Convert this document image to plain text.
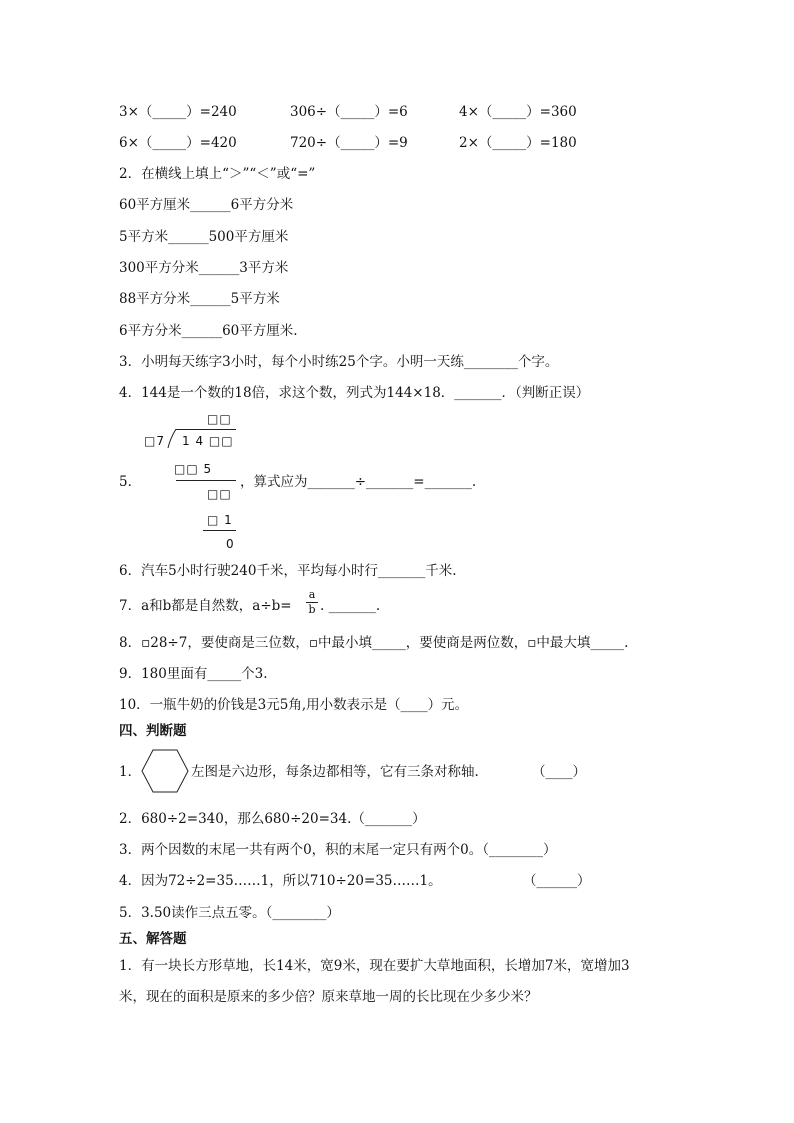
3×（_____）=240	306÷（_____）=6	4×（_____）=360
6×（_____）=420	720÷（_____）=9	2×（_____）=180
2．在横线上填上“＞”“＜”或“=”
60平方厘米______6平方分米
5平方米______500平方厘米
300平方分米______3平方米
88平方分米______5平方米
6平方分米______60平方厘米.
3．小明每天练字3小时，每个小时练25个字。小明一天练________个字。
4．144是一个数的18倍，求这个数，列式为144×18．_______．（判断正误）
□□
□7 1 4 □□
5．
□□ 5
，算式应为_______÷_______=_______.
□□
□ 1
0
6．汽车5小时行驶240千米，平均每小时行_______千米.
7．a和b都是自然数，a÷b=
a
b . _______.
8．▫28÷7，要使商是三位数，▫中最小填_____，要使商是两位数，▫中最大填_____.
9．180里面有_____个3.
10．一瓶牛奶的价钱是3元5角,用小数表示是（____）元。
四、判断题
1．	左图是六边形，每条边都相等，它有三条对称轴.	（____）
2．680÷2=340，那么680÷20=34.（_______）
3．两个因数的末尾一共有两个0，积的末尾一定只有两个0。（________）
4．因为72÷2=35……1，所以710÷20=35……1。	（______）
5．3.50读作三点五零。（________）
五、解答题
1．有一块长方形草地，长14米，宽9米，现在要扩大草地面积，长增加7米，宽增加3
米，现在的面积是原来的多少倍？原来草地一周的长比现在少多少米？
